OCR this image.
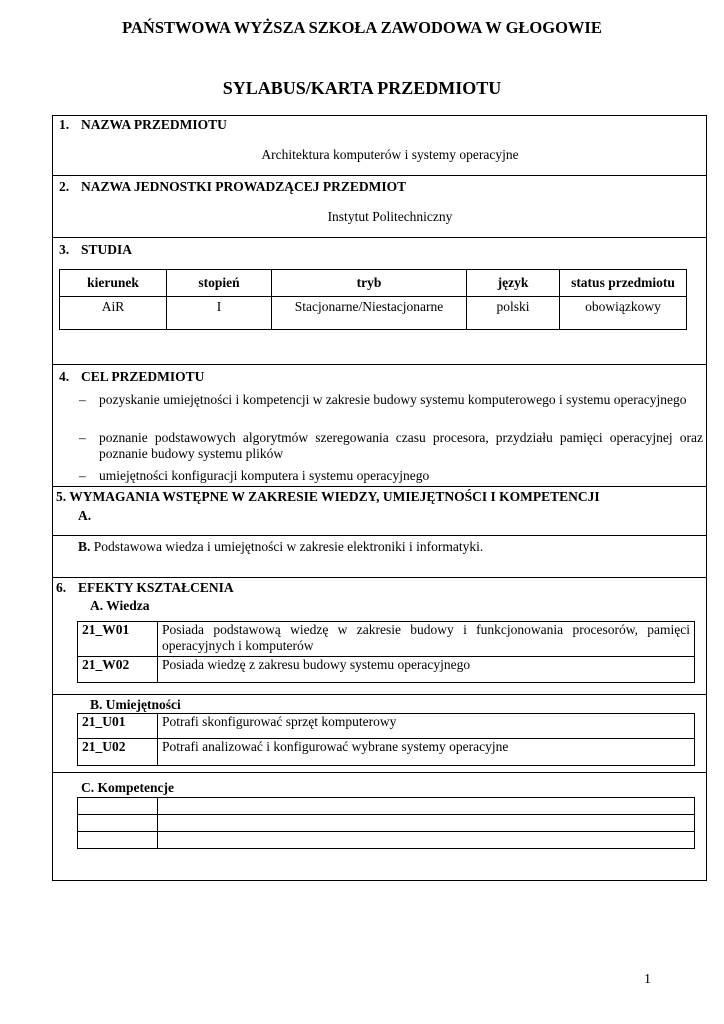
PAŃSTWOWA WYŻSZA SZKOŁA ZAWODOWA W GŁOGOWIE
SYLABUS/KARTA PRZEDMIOTU
1. NAZWA PRZEDMIOTU
Architektura komputerów i systemy operacyjne
2. NAZWA JEDNOSTKI PROWADZĄCEJ PRZEDMIOT
Instytut Politechniczny
3. STUDIA
kierunek	stopień	tryb	język	status przedmiotu
AiR	I	Stacjonarne/Niestacjonarne	polski	obowiązkowy
4. CEL PRZEDMIOTU
– pozyskanie umiejętności i kompetencji w zakresie budowy systemu komputerowego i systemu operacyjnego
– poznanie podstawowych algorytmów szeregowania czasu procesora, przydziału pamięci operacyjnej oraz poznanie budowy systemu plików
– umiejętności konfiguracji komputera i systemu operacyjnego
5. WYMAGANIA WSTĘPNE W ZAKRESIE WIEDZY, UMIEJĘTNOŚCI I KOMPETENCJI
A.
B. Podstawowa wiedza i umiejętności w zakresie elektroniki i informatyki.
6. EFEKTY KSZTAŁCENIA
A. Wiedza
21_W01	Posiada podstawową wiedzę w zakresie budowy i funkcjonowania procesorów, pamięci operacyjnych i komputerów
21_W02	Posiada wiedzę z zakresu budowy systemu operacyjnego
B. Umiejętności
21_U01	Potrafi skonfigurować sprzęt komputerowy
21_U02	Potrafi analizować i konfigurować wybrane systemy operacyjne
C. Kompetencje

1
